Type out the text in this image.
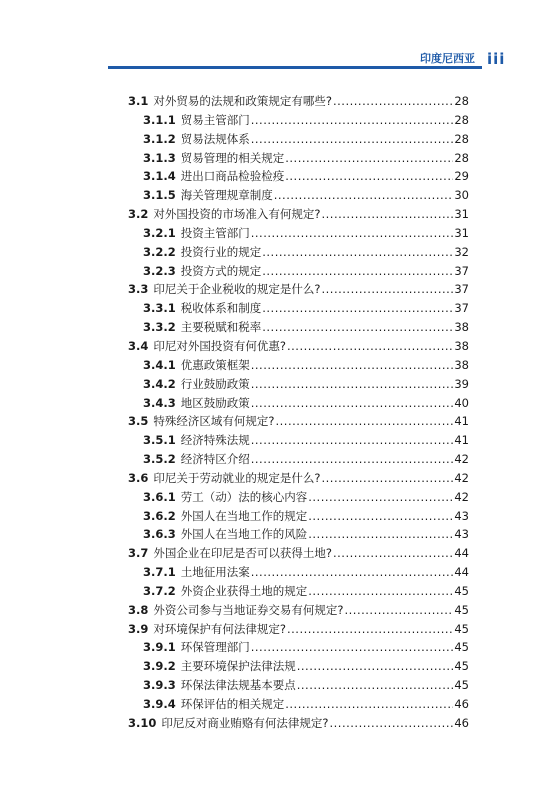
印度尼西亚 iii
3.1 对外贸易的法规和政策规定有哪些? .....	28
3.1.1 贸易主管部门 .....	28
3.1.2 贸易法规体系 .....	28
3.1.3 贸易管理的相关规定 .....	28
3.1.4 进出口商品检验检疫 .....	29
3.1.5 海关管理规章制度 .....	30
3.2 对外国投资的市场准入有何规定? .....	31
3.2.1 投资主管部门 .....	31
3.2.2 投资行业的规定 .....	32
3.2.3 投资方式的规定 .....	37
3.3 印尼关于企业税收的规定是什么? .....	37
3.3.1 税收体系和制度 .....	37
3.3.2 主要税赋和税率 .....	38
3.4 印尼对外国投资有何优惠? .....	38
3.4.1 优惠政策框架 .....	38
3.4.2 行业鼓励政策 .....	39
3.4.3 地区鼓励政策 .....	40
3.5 特殊经济区域有何规定? .....	41
3.5.1 经济特殊法规 .....	41
3.5.2 经济特区介绍 .....	42
3.6 印尼关于劳动就业的规定是什么? .....	42
3.6.1 劳工（动）法的核心内容 .....	42
3.6.2 外国人在当地工作的规定 .....	43
3.6.3 外国人在当地工作的风险 .....	43
3.7 外国企业在印尼是否可以获得土地? .....	44
3.7.1 土地征用法案 .....	44
3.7.2 外资企业获得土地的规定 .....	45
3.8 外资公司参与当地证券交易有何规定? .....	45
3.9 对环境保护有何法律规定? .....	45
3.9.1 环保管理部门 .....	45
3.9.2 主要环境保护法律法规 .....	45
3.9.3 环保法律法规基本要点 .....	45
3.9.4 环保评估的相关规定 .....	46
3.10 印尼反对商业贿赂有何法律规定? .....	46
